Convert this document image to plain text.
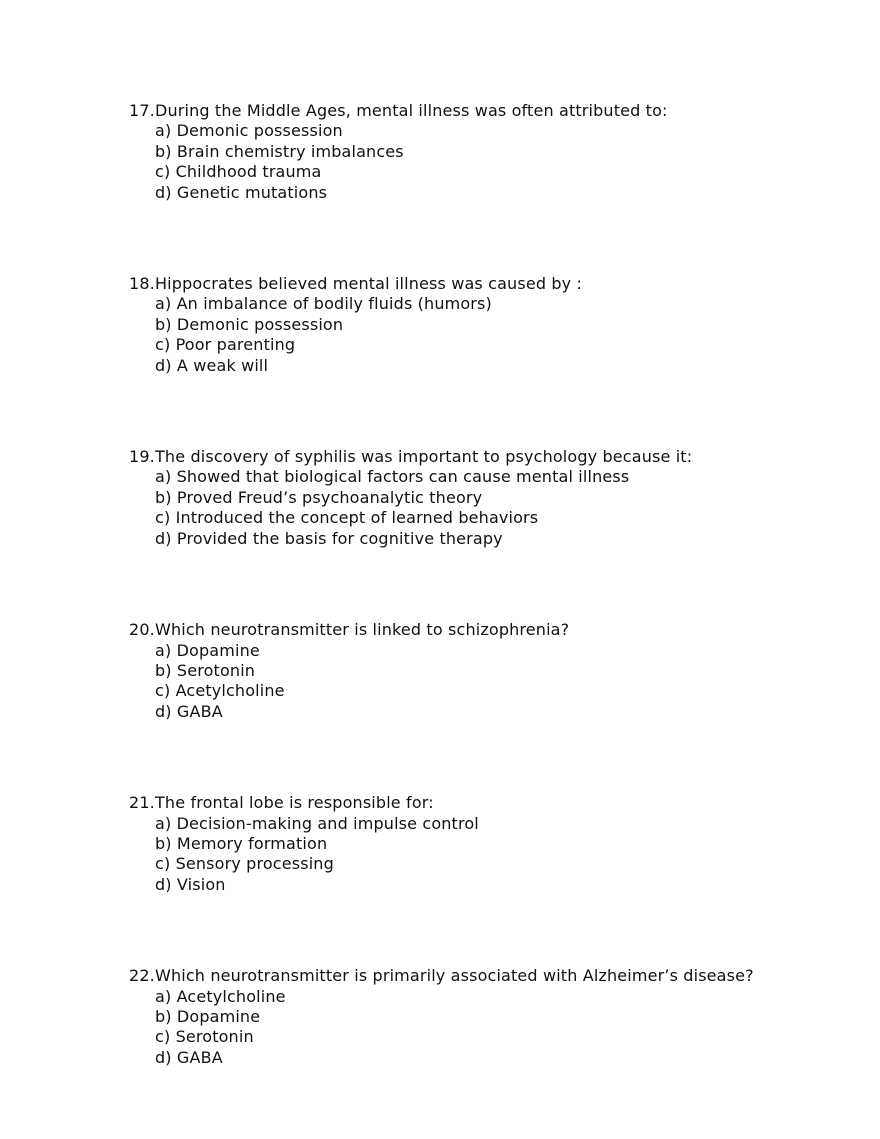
17. During the Middle Ages, mental illness was often attributed to:
a) Demonic possession
b) Brain chemistry imbalances
c) Childhood trauma
d) Genetic mutations
18. Hippocrates believed mental illness was caused by :
a) An imbalance of bodily fluids (humors)
b) Demonic possession
c) Poor parenting
d) A weak will
19. The discovery of syphilis was important to psychology because it:
a) Showed that biological factors can cause mental illness
b) Proved Freud’s psychoanalytic theory
c) Introduced the concept of learned behaviors
d) Provided the basis for cognitive therapy
20. Which neurotransmitter is linked to schizophrenia?
a) Dopamine
b) Serotonin
c) Acetylcholine
d) GABA
21. The frontal lobe is responsible for:
a) Decision-making and impulse control
b) Memory formation
c) Sensory processing
d) Vision
22. Which neurotransmitter is primarily associated with Alzheimer’s disease?
a) Acetylcholine
b) Dopamine
c) Serotonin
d) GABA
